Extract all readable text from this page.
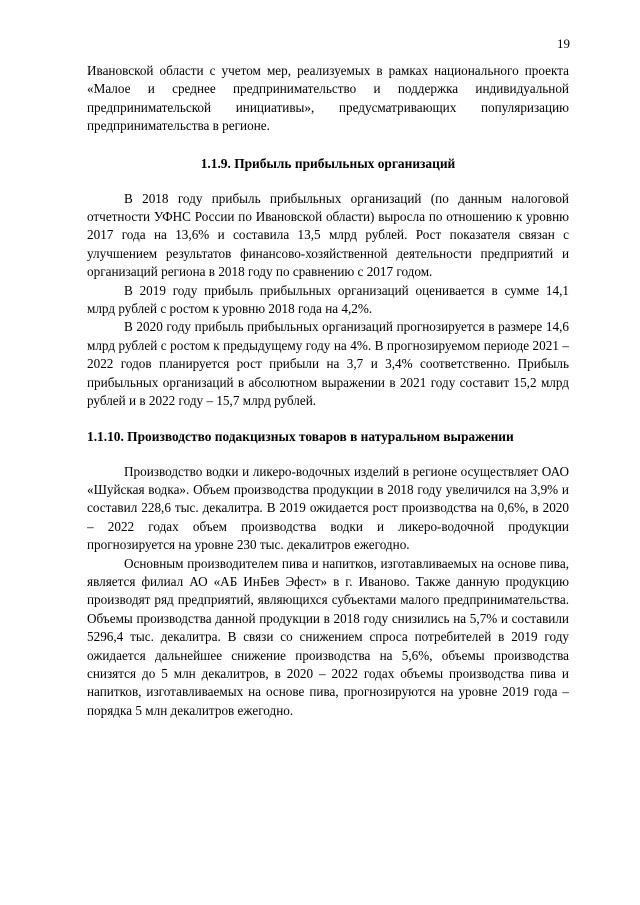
19

Ивановской области с учетом мер, реализуемых в рамках национального проекта «Малое и среднее предпринимательство и поддержка индивидуальной предпринимательской инициативы», предусматривающих популяризацию предпринимательства в регионе.

1.1.9. Прибыль прибыльных организаций

В 2018 году прибыль прибыльных организаций (по данным налоговой отчетности УФНС России по Ивановской области) выросла по отношению к уровню 2017 года на 13,6% и составила 13,5 млрд рублей. Рост показателя связан с улучшением результатов финансово-хозяйственной деятельности предприятий и организаций региона в 2018 году по сравнению с 2017 годом.

В 2019 году прибыль прибыльных организаций оценивается в сумме 14,1 млрд рублей с ростом к уровню 2018 года на 4,2%.

В 2020 году прибыль прибыльных организаций прогнозируется в размере 14,6 млрд рублей с ростом к предыдущему году на 4%. В прогнозируемом периоде 2021 – 2022 годов планируется рост прибыли на 3,7 и 3,4% соответственно. Прибыль прибыльных организаций в абсолютном выражении в 2021 году составит 15,2 млрд рублей и в 2022 году – 15,7 млрд рублей.

1.1.10. Производство подакцизных товаров в натуральном выражении

Производство водки и ликеро-водочных изделий в регионе осуществляет ОАО «Шуйская водка». Объем производства продукции в 2018 году увеличился на 3,9% и составил 228,6 тыс. декалитра. В 2019 ожидается рост производства на 0,6%, в 2020 – 2022 годах объем производства водки и ликеро-водочной продукции прогнозируется на уровне 230 тыс. декалитров ежегодно.

Основным производителем пива и напитков, изготавливаемых на основе пива, является филиал АО «АБ ИнБев Эфест» в г. Иваново. Также данную продукцию производят ряд предприятий, являющихся субъектами малого предпринимательства. Объемы производства данной продукции в 2018 году снизились на 5,7% и составили 5296,4 тыс. декалитра. В связи со снижением спроса потребителей в 2019 году ожидается дальнейшее снижение производства на 5,6%, объемы производства снизятся до 5 млн декалитров, в 2020 – 2022 годах объемы производства пива и напитков, изготавливаемых на основе пива, прогнозируются на уровне 2019 года – порядка 5 млн декалитров ежегодно.
